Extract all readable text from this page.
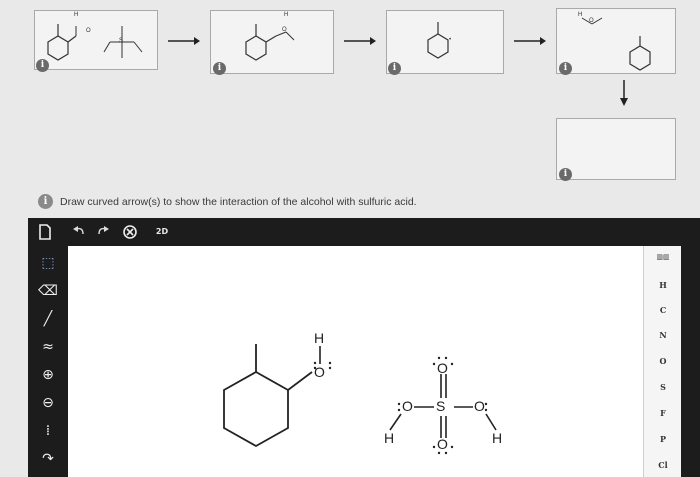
i
O
H
S
i
O
H
i
•
i
O
H
i
i	Draw curved arrow(s) to show the interaction of the alcohol with sulfuric acid.
2D
⬚
⌫
╱
≈
⊕
⊖
⁞
↷
H
O
S
O
O
O	O
H	H
▥▥
H
C
N
O
S
F
P
Cl
